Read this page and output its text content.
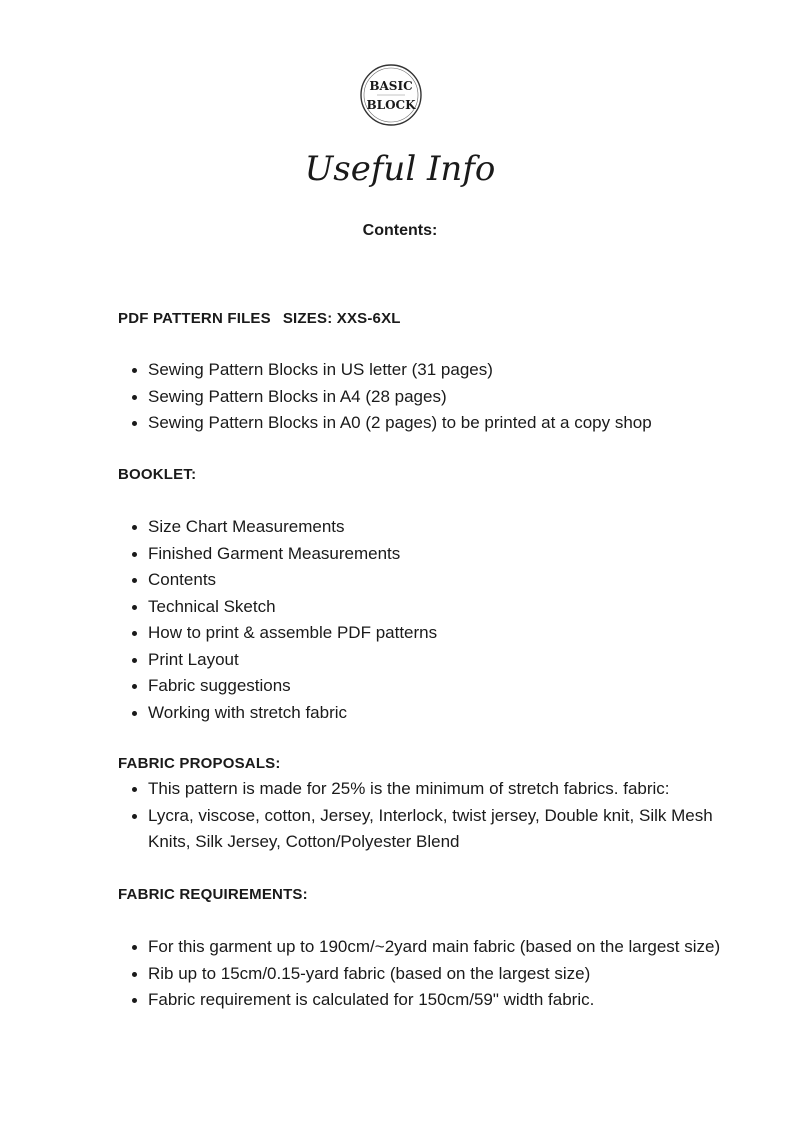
BASIC
BLOCK
Useful Info
Contents:
PDF PATTERN FILES SIZES: XXS-6XL
Sewing Pattern Blocks in US letter (31 pages)
Sewing Pattern Blocks in A4 (28 pages)
Sewing Pattern Blocks in A0 (2 pages) to be printed at a copy shop
BOOKLET:
Size Chart Measurements
Finished Garment Measurements
Contents
Technical Sketch
How to print & assemble PDF patterns
Print Layout
Fabric suggestions
Working with stretch fabric
FABRIC PROPOSALS:
This pattern is made for 25% is the minimum of stretch fabrics. fabric:
Lycra, viscose, cotton, Jersey, Interlock, twist jersey, Double knit, Silk Mesh Knits, Silk Jersey, Cotton/Polyester Blend
FABRIC REQUIREMENTS:
For this garment up to 190cm/~2yard main fabric (based on the largest size)
Rib up to 15cm/0.15-yard fabric (based on the largest size)
Fabric requirement is calculated for 150cm/59" width fabric.
